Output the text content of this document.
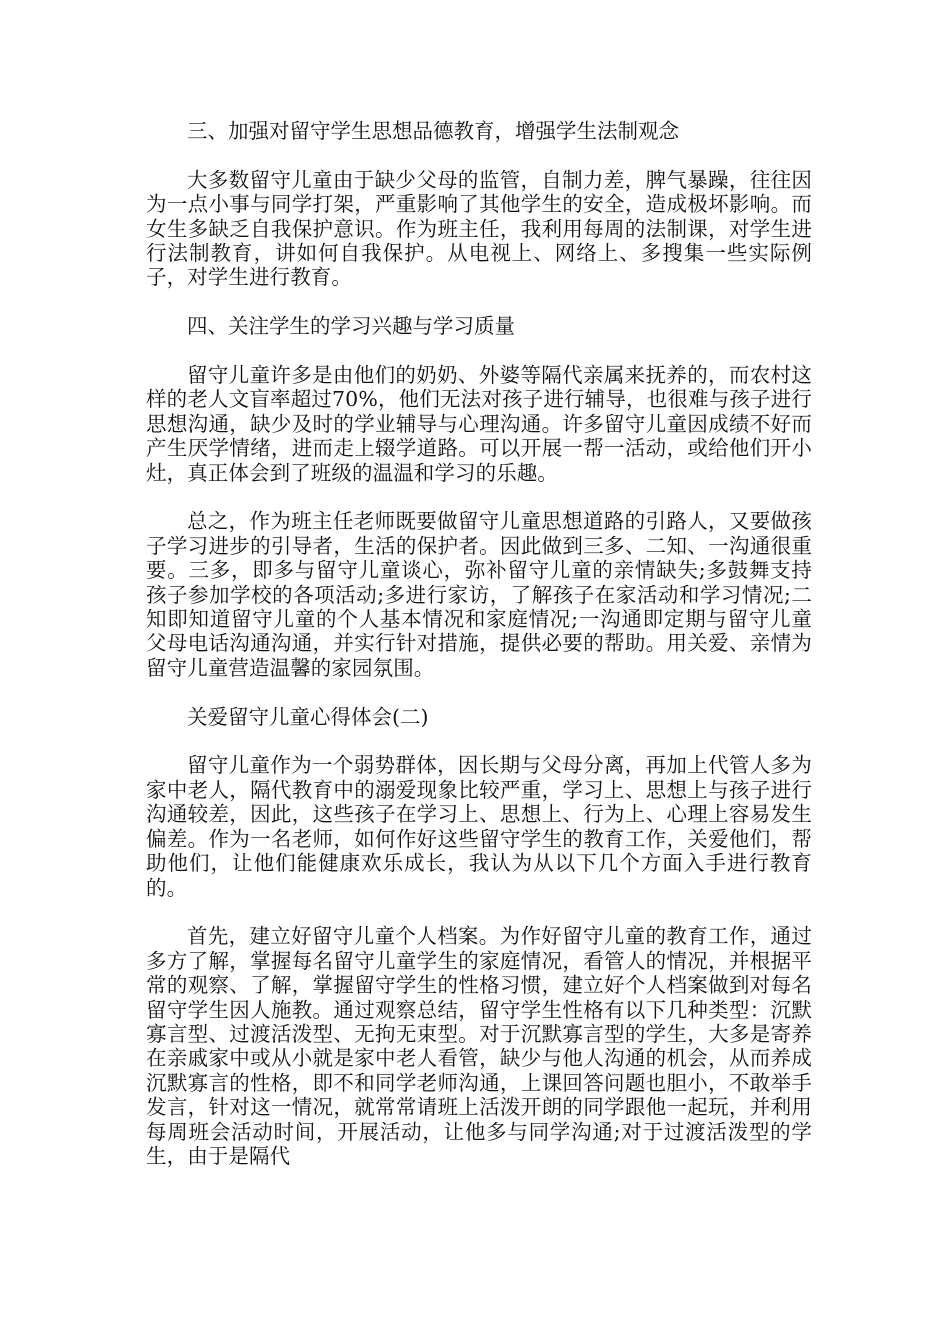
三、加强对留守学生思想品德教育，增强学生法制观念

大多数留守儿童由于缺少父母的监管，自制力差，脾气暴躁，往往因为一点小事与同学打架，严重影响了其他学生的安全，造成极坏影响。而女生多缺乏自我保护意识。作为班主任，我利用每周的法制课，对学生进行法制教育，讲如何自我保护。从电视上、网络上、多搜集一些实际例子，对学生进行教育。

四、关注学生的学习兴趣与学习质量

留守儿童许多是由他们的奶奶、外婆等隔代亲属来抚养的，而农村这样的老人文盲率超过70%，他们无法对孩子进行辅导，也很难与孩子进行思想沟通，缺少及时的学业辅导与心理沟通。许多留守儿童因成绩不好而产生厌学情绪，进而走上辍学道路。可以开展一帮一活动，或给他们开小灶，真正体会到了班级的温温和学习的乐趣。

总之，作为班主任老师既要做留守儿童思想道路的引路人，又要做孩子学习进步的引导者，生活的保护者。因此做到三多、二知、一沟通很重要。三多，即多与留守儿童谈心，弥补留守儿童的亲情缺失;多鼓舞支持孩子参加学校的各项活动;多进行家访，了解孩子在家活动和学习情况;二知即知道留守儿童的个人基本情况和家庭情况;一沟通即定期与留守儿童父母电话沟通沟通，并实行针对措施，提供必要的帮助。用关爱、亲情为留守儿童营造温馨的家园氛围。

关爱留守儿童心得体会(二)

留守儿童作为一个弱势群体，因长期与父母分离，再加上代管人多为家中老人，隔代教育中的溺爱现象比较严重，学习上、思想上与孩子进行沟通较差，因此，这些孩子在学习上、思想上、行为上、心理上容易发生偏差。作为一名老师，如何作好这些留守学生的教育工作，关爱他们，帮助他们，让他们能健康欢乐成长，我认为从以下几个方面入手进行教育的。

首先，建立好留守儿童个人档案。为作好留守儿童的教育工作，通过多方了解，掌握每名留守儿童学生的家庭情况，看管人的情况，并根据平常的观察、了解，掌握留守学生的性格习惯，建立好个人档案做到对每名留守学生因人施教。通过观察总结，留守学生性格有以下几种类型：沉默寡言型、过渡活泼型、无拘无束型。对于沉默寡言型的学生，大多是寄养在亲戚家中或从小就是家中老人看管，缺少与他人沟通的机会，从而养成沉默寡言的性格，即不和同学老师沟通，上课回答问题也胆小，不敢举手发言，针对这一情况，就常常请班上活泼开朗的同学跟他一起玩，并利用每周班会活动时间，开展活动，让他多与同学沟通;对于过渡活泼型的学生，由于是隔代
